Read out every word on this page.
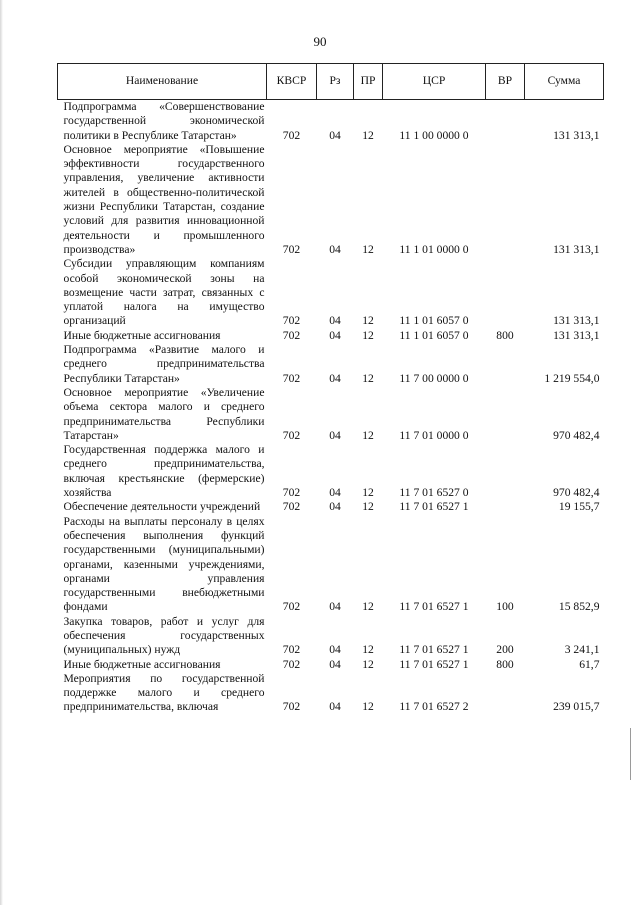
90
Наименование	КВСР	Рз	ПР	ЦСР	ВР	Сумма
Подпрограмма «Совершенствование государственной экономической политики в Республике Татарстан»	702	04	12	11 1 00 0000 0		131 313,1
Основное мероприятие «Повышение эффективности государственного управления, увеличение активности жителей в общественно-политической жизни Республики Татарстан, создание условий для развития инновационной деятельности и промышленного производства»	702	04	12	11 1 01 0000 0		131 313,1
Субсидии управляющим компаниям особой экономической зоны на возмещение части затрат, связанных с уплатой налога на имущество организаций	702	04	12	11 1 01 6057 0		131 313,1
Иные бюджетные ассигнования	702	04	12	11 1 01 6057 0	800	131 313,1
Подпрограмма «Развитие малого и среднего предпринимательства Республики Татарстан»	702	04	12	11 7 00 0000 0		1 219 554,0
Основное мероприятие «Увеличение объема сектора малого и среднего предпринимательства Республики Татарстан»	702	04	12	11 7 01 0000 0		970 482,4
Государственная поддержка малого и среднего предпринимательства, включая крестьянские (фермерские) хозяйства	702	04	12	11 7 01 6527 0		970 482,4
Обеспечение деятельности учреждений	702	04	12	11 7 01 6527 1		19 155,7
Расходы на выплаты персоналу в целях обеспечения выполнения функций государственными (муниципальными) органами, казенными учреждениями, органами управления государственными внебюджетными фондами	702	04	12	11 7 01 6527 1	100	15 852,9
Закупка товаров, работ и услуг для обеспечения государственных (муниципальных) нужд	702	04	12	11 7 01 6527 1	200	3 241,1
Иные бюджетные ассигнования	702	04	12	11 7 01 6527 1	800	61,7
Мероприятия по государственной поддержке малого и среднего предпринимательства, включая	702	04	12	11 7 01 6527 2		239 015,7
